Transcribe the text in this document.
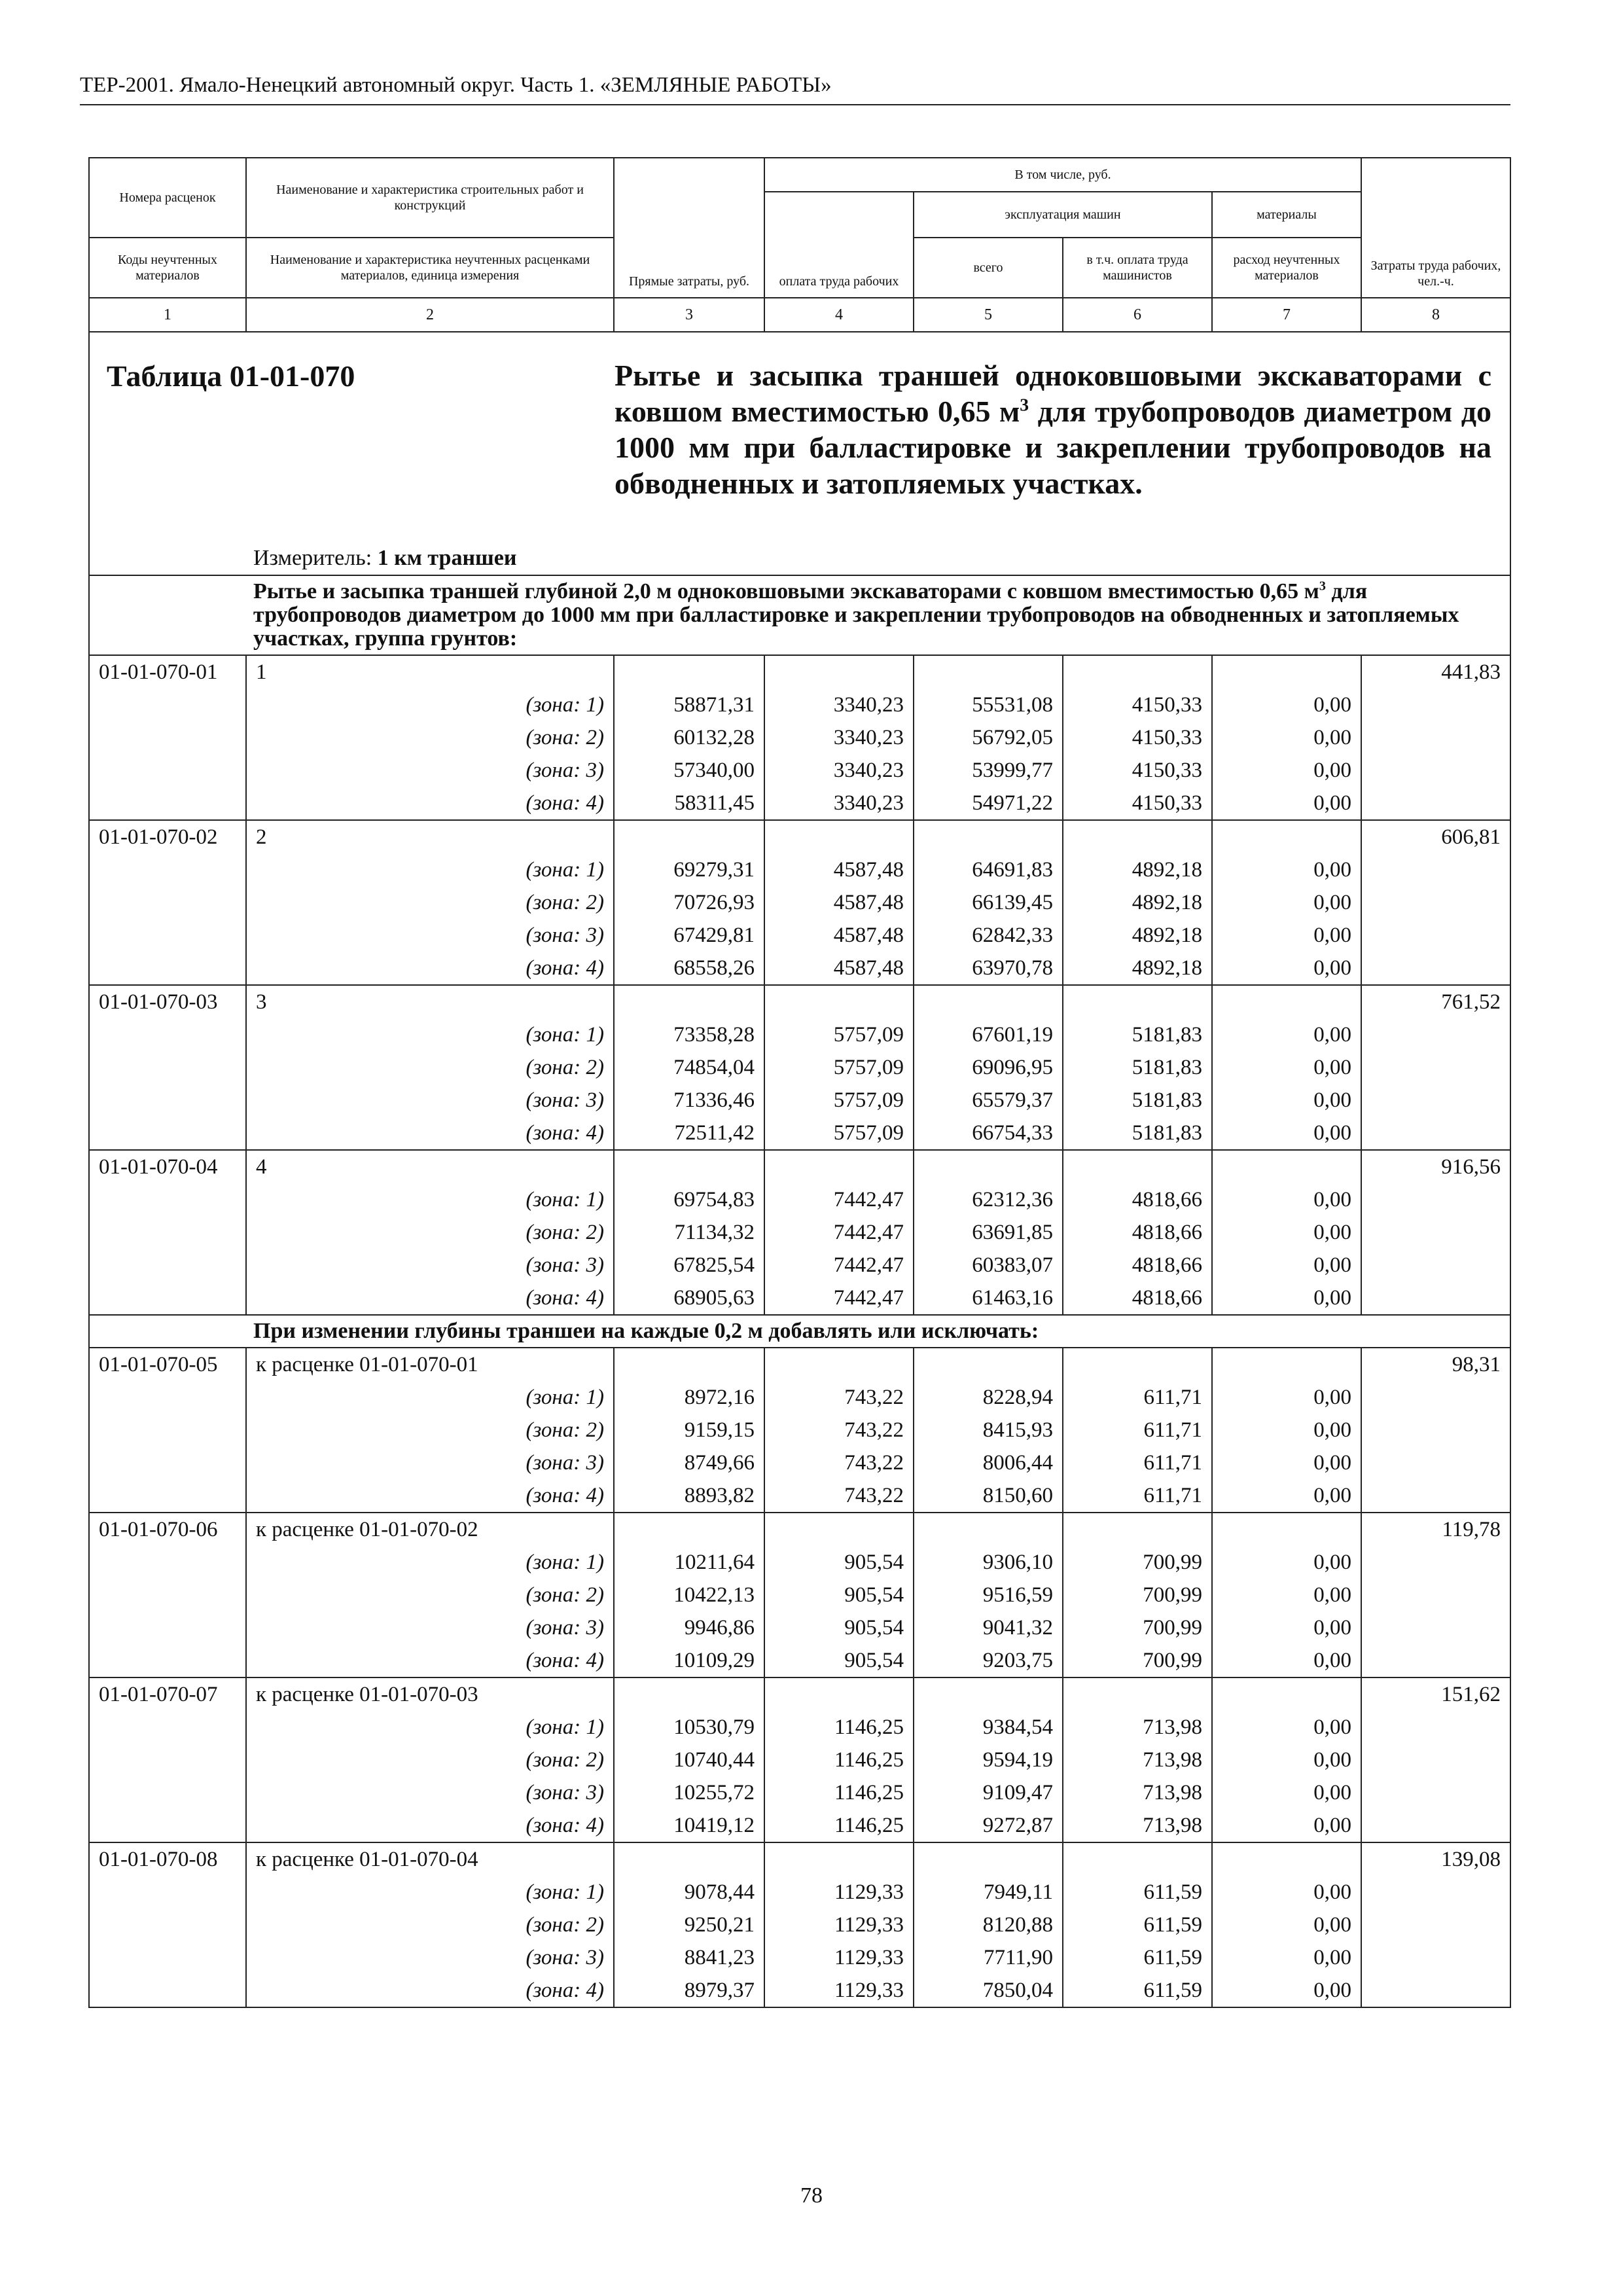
ТЕР-2001. Ямало-Ненецкий автономный округ. Часть 1. «ЗЕМЛЯНЫЕ РАБОТЫ»
Номера расценок	Наименование и характеристика строительных работ и конструкций	Прямые затраты, руб.	В том числе, руб.				Затраты труда рабочих, чел.-ч.
			оплата труда рабочих	эксплуатация машин		материалы	
Коды неучтенных материалов	Наименование и характеристика неучтенных расценками материалов, единица измерения			всего	в т.ч. оплата труда машинистов	расход неучтенных материалов	

1	2	3	4	5	6	7	8

Таблица 01-01-070 Рытье и засыпка траншей одноковшовыми экскаваторами с ковшом вместимостью 0,65 $м^3$ для трубопроводов диаметром до 1000 мм при балластировке и закреплении трубопроводов на обводненных и затопляемых участках.
Измеритель: 1 км траншеи							

Рытье и засыпка траншей глубиной 2,0 м одноковшовыми экскаваторами с ковшом вместимостью 0,65 $м^3$ для трубопроводов диаметром до 1000 мм при балластировке и закреплении трубопроводов на обводненных и затопляемых участках, группа грунтов:							
01-01-070-01	1						441,83
	(зона: 1)	58871,31	3340,23	55531,08	4150,33	0,00	
	(зона: 2)	60132,28	3340,23	56792,05	4150,33	0,00	
	(зона: 3)	57340,00	3340,23	53999,77	4150,33	0,00	
	(зона: 4)	58311,45	3340,23	54971,22	4150,33	0,00	
01-01-070-02	2						606,81
	(зона: 1)	69279,31	4587,48	64691,83	4892,18	0,00	
	(зона: 2)	70726,93	4587,48	66139,45	4892,18	0,00	
	(зона: 3)	67429,81	4587,48	62842,33	4892,18	0,00	
	(зона: 4)	68558,26	4587,48	63970,78	4892,18	0,00	
01-01-070-03	3						761,52
	(зона: 1)	73358,28	5757,09	67601,19	5181,83	0,00	
	(зона: 2)	74854,04	5757,09	69096,95	5181,83	0,00	
	(зона: 3)	71336,46	5757,09	65579,37	5181,83	0,00	
	(зона: 4)	72511,42	5757,09	66754,33	5181,83	0,00	
01-01-070-04	4						916,56
	(зона: 1)	69754,83	7442,47	62312,36	4818,66	0,00	
	(зона: 2)	71134,32	7442,47	63691,85	4818,66	0,00	
	(зона: 3)	67825,54	7442,47	60383,07	4818,66	0,00	
	(зона: 4)	68905,63	7442,47	61463,16	4818,66	0,00	
При изменении глубины траншеи на каждые 0,2 м добавлять или исключать:							
01-01-070-05	к расценке 01-01-070-01						98,31
	(зона: 1)	8972,16	743,22	8228,94	611,71	0,00	
	(зона: 2)	9159,15	743,22	8415,93	611,71	0,00	
	(зона: 3)	8749,66	743,22	8006,44	611,71	0,00	
	(зона: 4)	8893,82	743,22	8150,60	611,71	0,00	
01-01-070-06	к расценке 01-01-070-02						119,78
	(зона: 1)	10211,64	905,54	9306,10	700,99	0,00	
	(зона: 2)	10422,13	905,54	9516,59	700,99	0,00	
	(зона: 3)	9946,86	905,54	9041,32	700,99	0,00	
	(зона: 4)	10109,29	905,54	9203,75	700,99	0,00	
01-01-070-07	к расценке 01-01-070-03						151,62
	(зона: 1)	10530,79	1146,25	9384,54	713,98	0,00	
	(зона: 2)	10740,44	1146,25	9594,19	713,98	0,00	
	(зона: 3)	10255,72	1146,25	9109,47	713,98	0,00	
	(зона: 4)	10419,12	1146,25	9272,87	713,98	0,00	
01-01-070-08	к расценке 01-01-070-04						139,08
	(зона: 1)	9078,44	1129,33	7949,11	611,59	0,00	
	(зона: 2)	9250,21	1129,33	8120,88	611,59	0,00	
	(зона: 3)	8841,23	1129,33	7711,90	611,59	0,00	
	(зона: 4)	8979,37	1129,33	7850,04	611,59	0,00	
78
